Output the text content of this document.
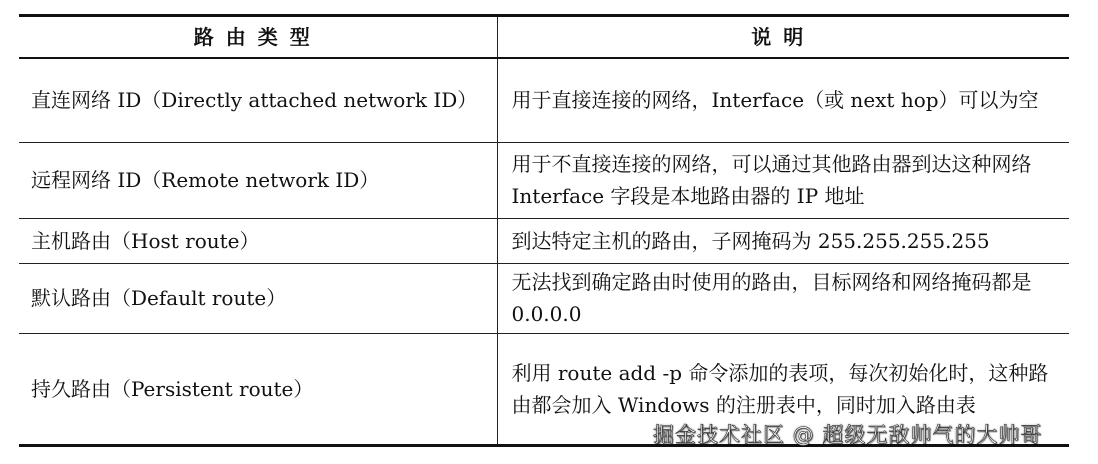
路由类型	说明
直连网络 ID（Directly attached network ID）	用于直接连接的网络，Interface（或 next hop）可以为空
远程网络 ID（Remote network ID）	用于不直接连接的网络，可以通过其他路由器到达这种网络 Interface 字段是本地路由器的 IP 地址
主机路由（Host route）	到达特定主机的路由，子网掩码为 255.255.255.255
默认路由（Default route）	无法找到确定路由时使用的路由，目标网络和网络掩码都是 0.0.0.0
持久路由（Persistent route）	利用 route add -p 命令添加的表项，每次初始化时，这种路由都会加入 Windows 的注册表中，同时加入路由表
掘金技术社区 @ 超级无敌帅气的大帅哥
